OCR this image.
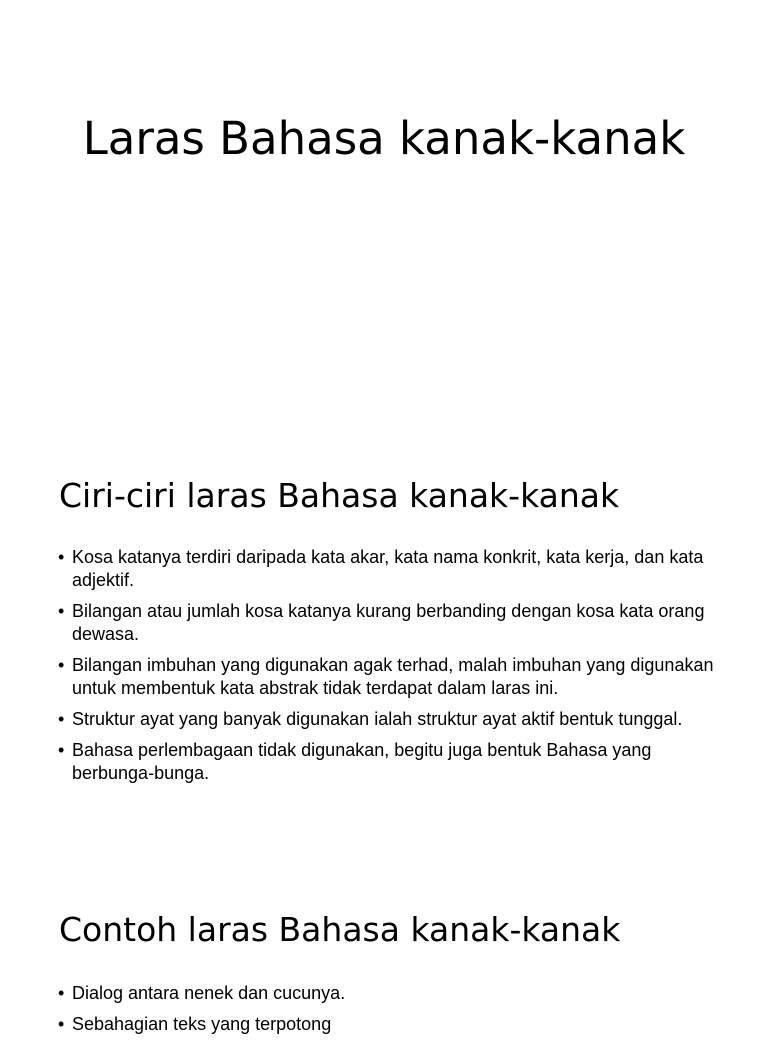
Laras Bahasa kanak-kanak
Ciri-ciri laras Bahasa kanak-kanak
• Kosa katanya terdiri daripada kata akar, kata nama konkrit, kata kerja, dan kata adjektif.
• Bilangan atau jumlah kosa katanya kurang berbanding dengan kosa kata orang dewasa.
• Bilangan imbuhan yang digunakan agak terhad, malah imbuhan yang digunakan untuk membentuk kata abstrak tidak terdapat dalam laras ini.
• Struktur ayat yang banyak digunakan ialah struktur ayat aktif bentuk tunggal.
• Bahasa perlembagaan tidak digunakan, begitu juga bentuk Bahasa yang berbunga-bunga.
Contoh laras Bahasa kanak-kanak
• Dialog antara nenek dan cucunya.
• Sebahagian teks yang terpotong
